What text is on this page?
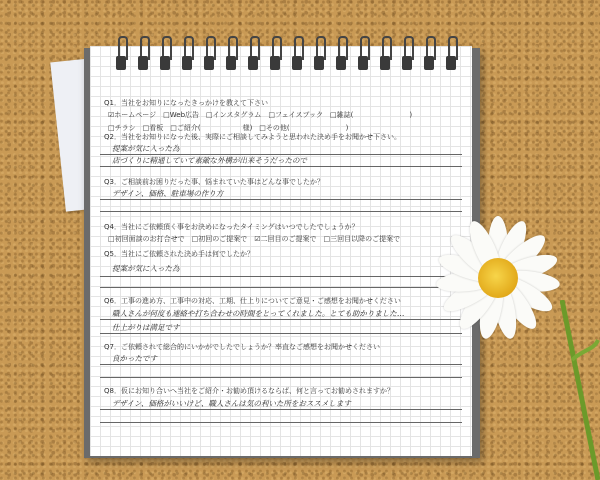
Q1．当社をお知りになったきっかけを教えて下さい
☑ホームページ　□Web広告　□インスタグラム　□フェイスブック　□雑誌(　　　　　　　　)
□チラシ　□看板　□ご紹介(　　　　　　様)　□その他(　　　　　　　　)
Q2．当社をお知りになった後、実際にご相談してみようと思われた決め手をお聞かせ下さい。
提案が気に入った為
店づくりに精通していて素敵な外構が出来そうだったので
Q3．ご相談前お困りだった事、悩まれていた事はどんな事でしたか？
デザイン、価格、駐車場の作り方
Q4．当社にご依頼頂く事をお決めになったタイミングはいつでしたでしょうか？
□初回面談のお打合せで　□初回のご提案で　☑二回目のご提案で　□三回目以降のご提案で
Q5．当社にご依頼された決め手は何でしたか？
提案が気に入った為
Q6．工事の進め方、工事中の対応、工期、仕上りについてご意見・ご感想をお聞かせください
職人さんが何度も連絡や打ち合わせの時間をとってくれました。とても助かりました…
仕上がりは満足です
Q7．ご依頼されて総合的にいかがでしたでしょうか？率直なご感想をお聞かせください
良かったです
Q8．仮にお知り合いへ当社をご紹介・お勧め頂けるならば、何と言ってお勧めされますか？
デザイン、価格がいいけど、職人さんは気の利いた所をおススメします
